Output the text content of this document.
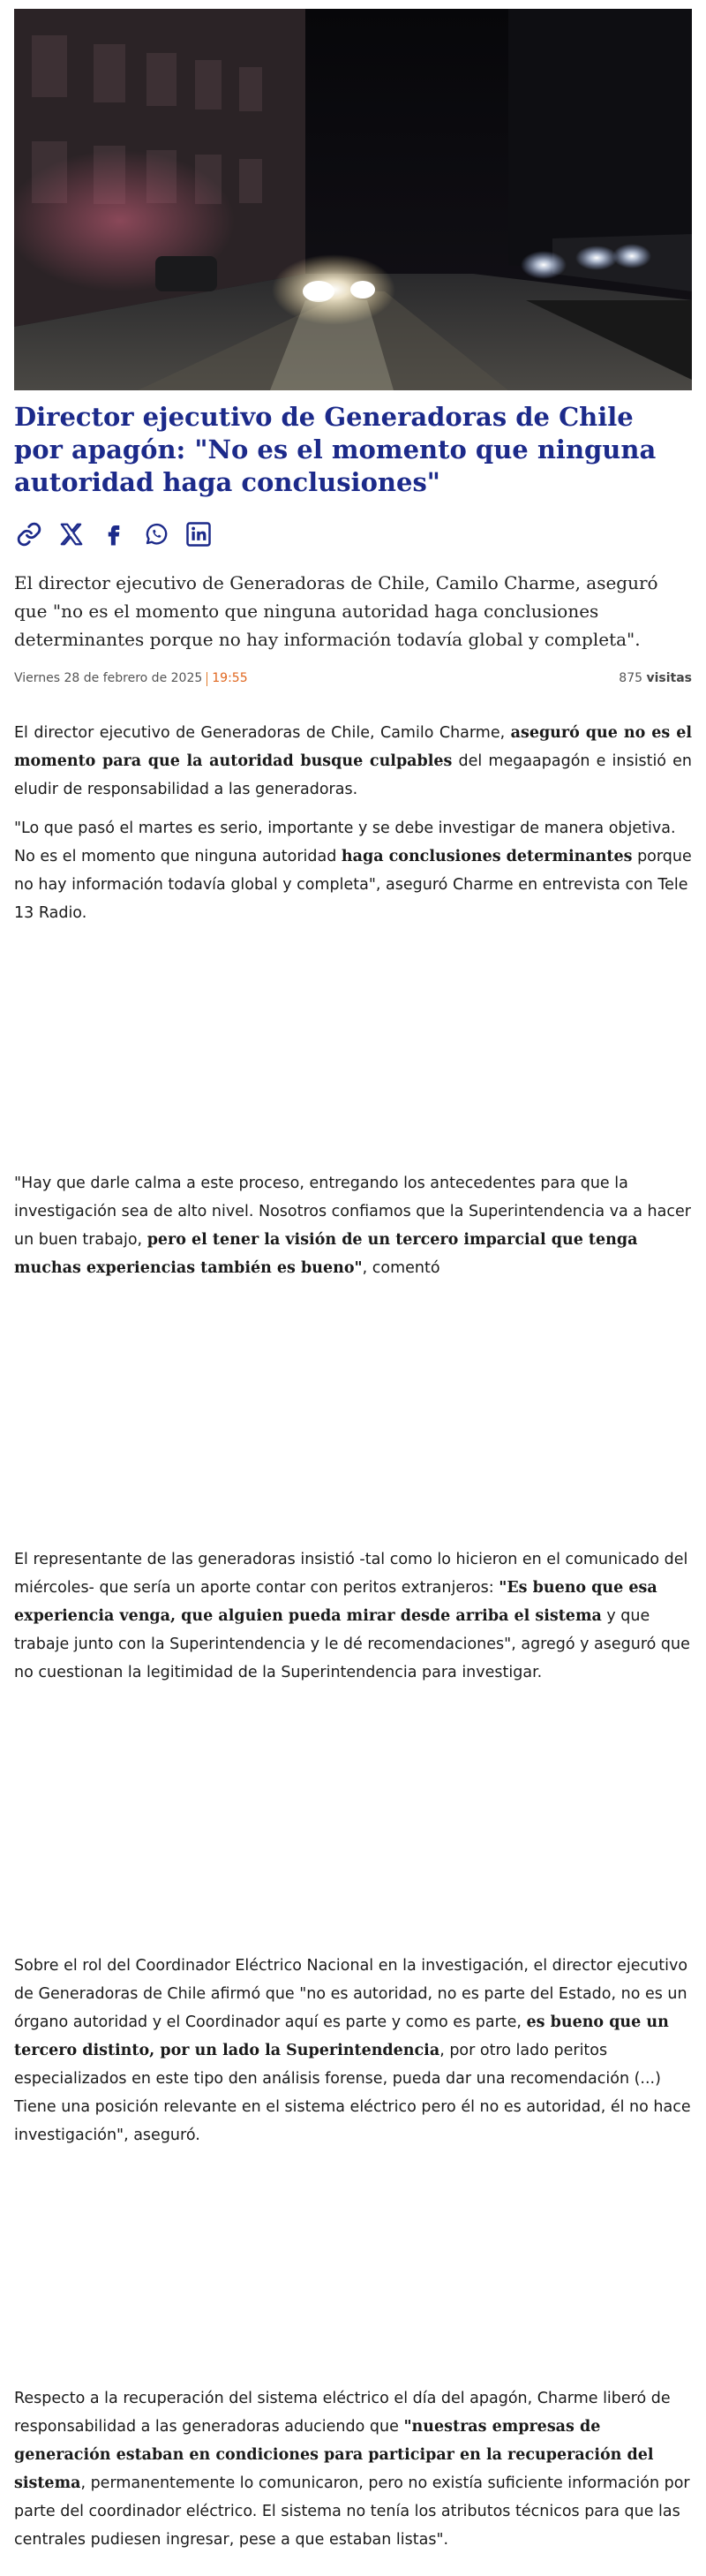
Director ejecutivo de Generadoras de Chile por apagón: "No es el momento que ninguna autoridad haga conclusiones"

El director ejecutivo de Generadoras de Chile, Camilo Charme, aseguró que "no es el momento que ninguna autoridad haga conclusiones determinantes porque no hay información todavía global y completa".

Viernes 28 de febrero de 2025 19:55	875 visitas

El director ejecutivo de Generadoras de Chile, Camilo Charme, aseguró que no es el momento para que la autoridad busque culpables del megaapagón e insistió en eludir de responsabilidad a las generadoras.

"Lo que pasó el martes es serio, importante y se debe investigar de manera objetiva. No es el momento que ninguna autoridad haga conclusiones determinantes porque no hay información todavía global y completa", aseguró Charme en entrevista con Tele 13 Radio.

"Hay que darle calma a este proceso, entregando los antecedentes para que la investigación sea de alto nivel. Nosotros confiamos que la Superintendencia va a hacer un buen trabajo, pero el tener la visión de un tercero imparcial que tenga muchas experiencias también es bueno", comentó

El representante de las generadoras insistió -tal como lo hicieron en el comunicado del miércoles- que sería un aporte contar con peritos extranjeros: "Es bueno que esa experiencia venga, que alguien pueda mirar desde arriba el sistema y que trabaje junto con la Superintendencia y le dé recomendaciones", agregó y aseguró que no cuestionan la legitimidad de la Superintendencia para investigar.

Sobre el rol del Coordinador Eléctrico Nacional en la investigación, el director ejecutivo de Generadoras de Chile afirmó que "no es autoridad, no es parte del Estado, no es un órgano autoridad y el Coordinador aquí es parte y como es parte, es bueno que un tercero distinto, por un lado la Superintendencia, por otro lado peritos especializados en este tipo den análisis forense, pueda dar una recomendación (...) Tiene una posición relevante en el sistema eléctrico pero él no es autoridad, él no hace investigación", aseguró.

Respecto a la recuperación del sistema eléctrico el día del apagón, Charme liberó de responsabilidad a las generadoras aduciendo que "nuestras empresas de generación estaban en condiciones para participar en la recuperación del sistema, permanentemente lo comunicaron, pero no existía suficiente información por parte del coordinador eléctrico. El sistema no tenía los atributos técnicos para que las centrales pudiesen ingresar, pese a que estaban listas".
